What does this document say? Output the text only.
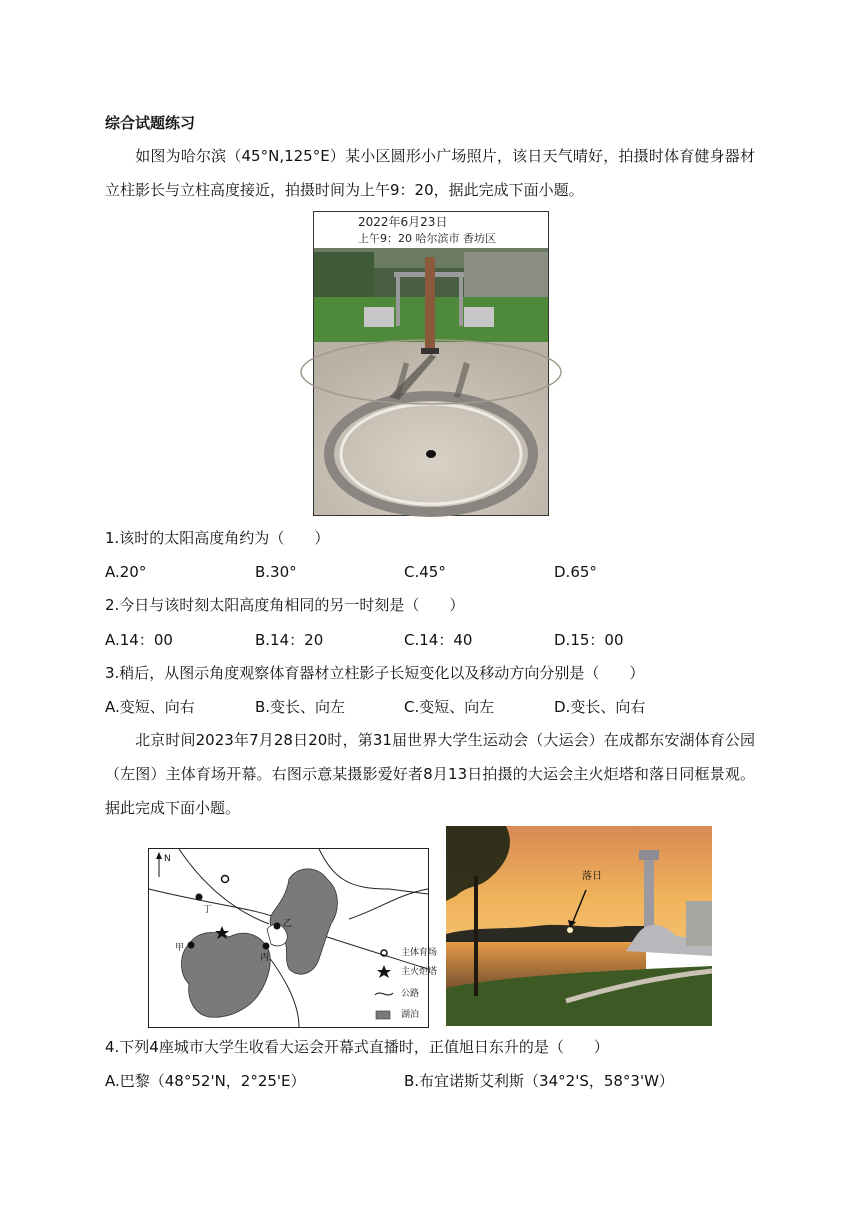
综合试题练习
如图为哈尔滨（45°N,125°E）某小区圆形小广场照片，该日天气晴好，拍摄时体育健身器材立柱影长与立柱高度接近，拍摄时间为上午9：20，据此完成下面小题。
2022年6月23日
上午9：20 哈尔滨市 香坊区
1.该时的太阳高度角约为（　　）
A.20°	B.30°	C.45°	D.65°
2.今日与该时刻太阳高度角相同的另一时刻是（　　）
A.14：00	B.14：20	C.14：40	D.15：00
3.稍后，从图示角度观察体育器材立柱影子长短变化以及移动方向分别是（　　）
A.变短、向右	B.变长、向左	C.变短、向左	D.变长、向右
北京时间2023年7月28日20时，第31届世界大学生运动会（大运会）在成都东安湖体育公园（左图）主体育场开幕。右图示意某摄影爱好者8月13日拍摄的大运会主火炬塔和落日同框景观。据此完成下面小题。
N
甲
乙
丙
丁
主体育场
主火炬塔
公路
湖泊
落日
4.下列4座城市大学生收看大运会开幕式直播时，正值旭日东升的是（　　）
A.巴黎（48°52'N，2°25'E）	B.布宜诺斯艾利斯（34°2'S，58°3'W）
